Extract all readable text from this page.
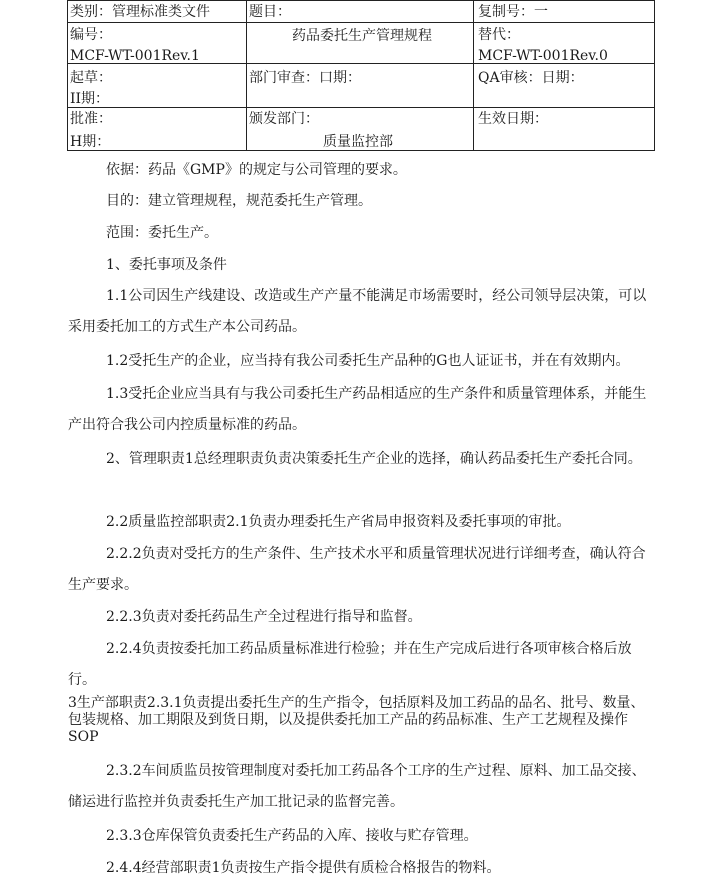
类别：管理标准类文件	题目：
药品委托生产管理规程
复制号：一
编号：
MCF-WT-001Rev.1
替代：
MCF-WT-001Rev.0
起草：
II期：
部门审查：口期：	QA审核：日期：
批准：
H期：
颁发部门：
质量监控部
生效日期：

依据：药品《GMP》的规定与公司管理的要求。

目的：建立管理规程，规范委托生产管理。

范围：委托生产。

1、委托事项及条件

1.1公司因生产线建设、改造或生产产量不能满足市场需要时，经公司领导层决策，可以采用委托加工的方式生产本公司药品。

1.2受托生产的企业，应当持有我公司委托生产品种的G也人证证书，并在有效期内。

1.3受托企业应当具有与我公司委托生产药品相适应的生产条件和质量管理体系，并能生产出符合我公司内控质量标准的药品。

2、管理职责1总经理职责负责决策委托生产企业的选择，确认药品委托生产委托合同。

2.2质量监控部职责2.1负责办理委托生产省局申报资料及委托事项的审批。

2.2.2负责对受托方的生产条件、生产技术水平和质量管理状况进行详细考查，确认符合生产要求。

2.2.3负责对委托药品生产全过程进行指导和监督。

2.2.4负责按委托加工药品质量标准进行检验；并在生产完成后进行各项审核合格后放行。

3生产部职责2.3.1负责提出委托生产的生产指令，包括原料及加工药品的品名、批号、数量、包装规格、加工期限及到货日期，以及提供委托加工产品的药品标准、生产工艺规程及操作SOP

2.3.2车间质监员按管理制度对委托加工药品各个工序的生产过程、原料、加工品交接、储运进行监控并负责委托生产加工批记录的监督完善。

2.3.3仓库保管负责委托生产药品的入库、接收与贮存管理。

2.4.4经营部职责1负责按生产指令提供有质检合格报告的物料。
